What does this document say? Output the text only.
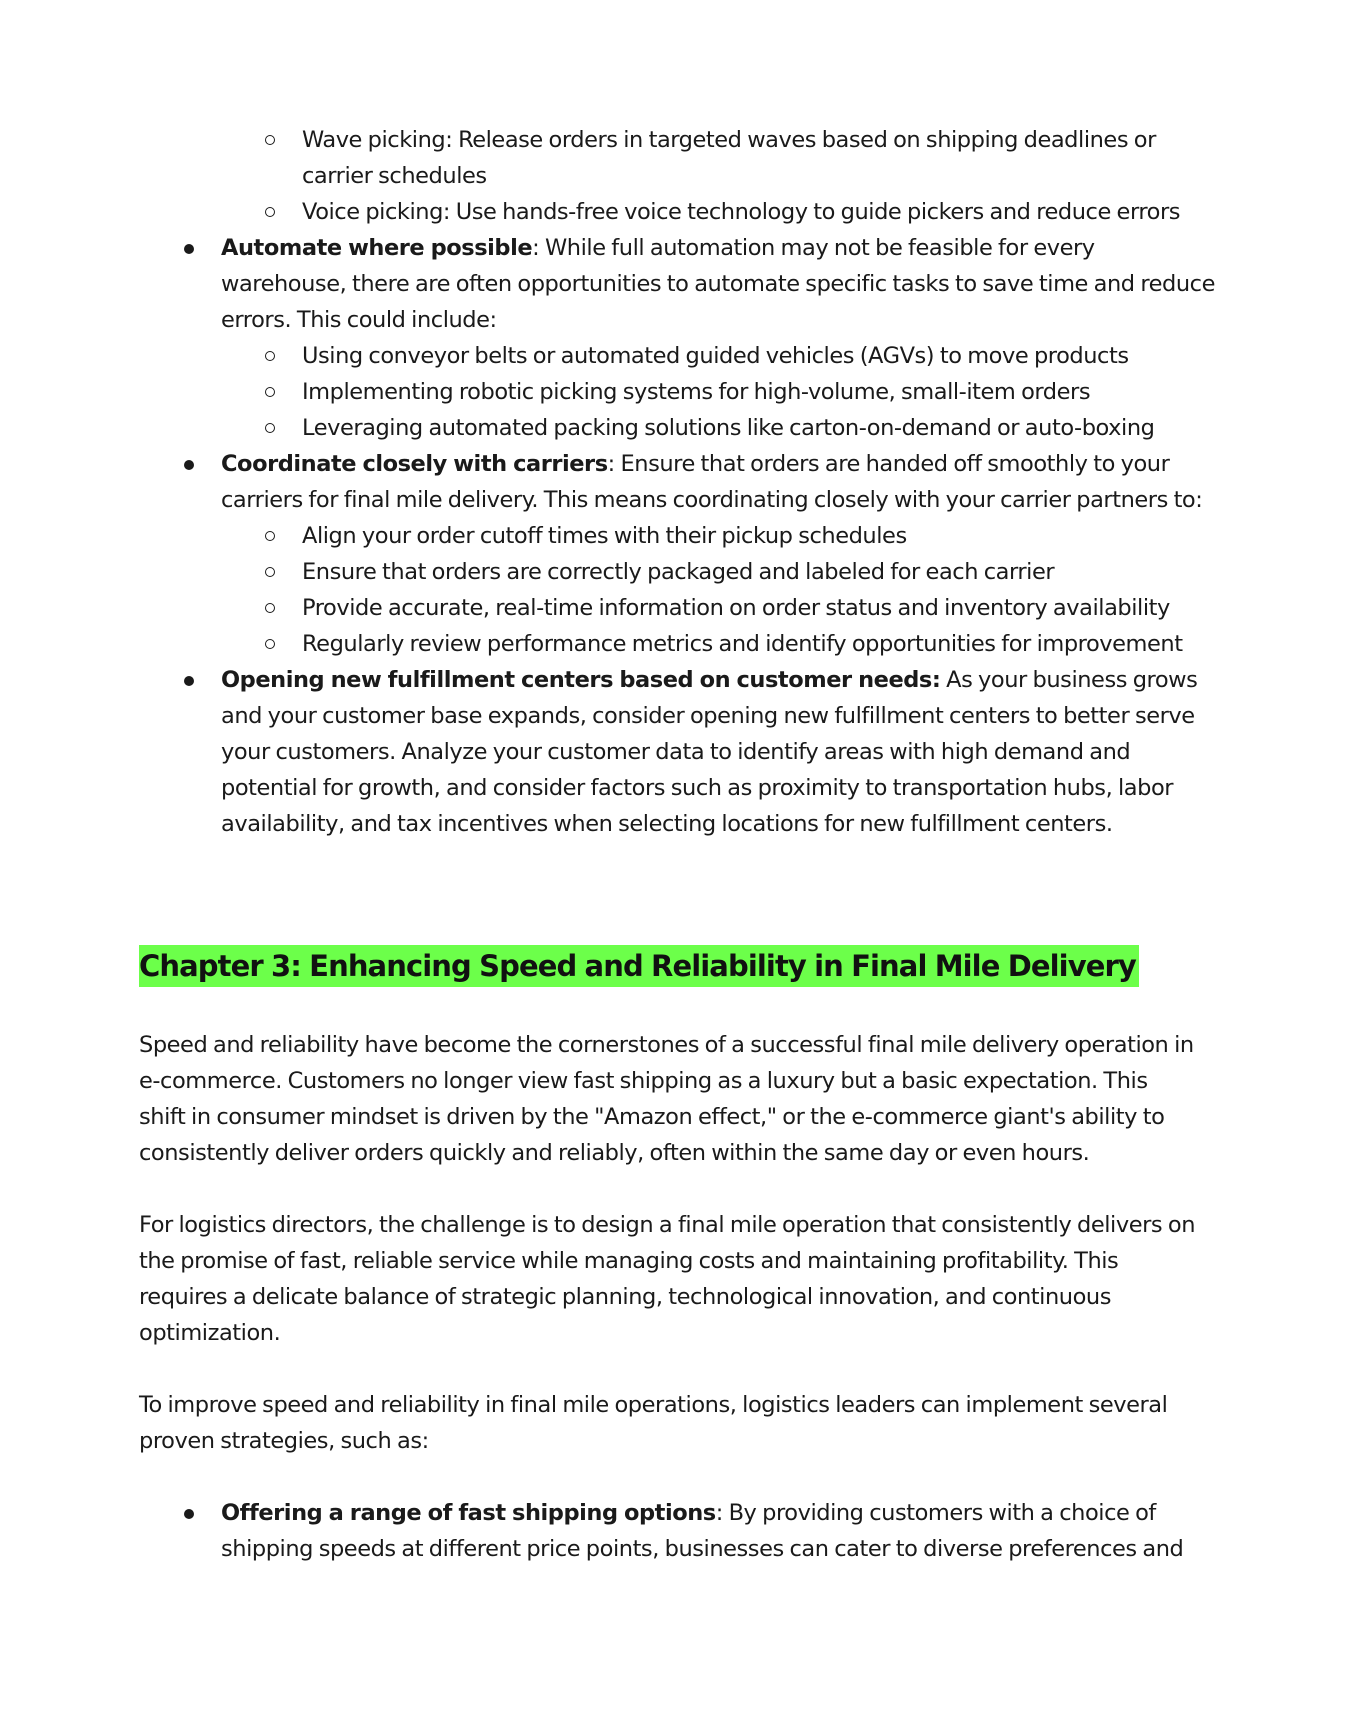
Wave picking: Release orders in targeted waves based on shipping deadlines or carrier schedules
Voice picking: Use hands-free voice technology to guide pickers and reduce errors
Automate where possible: While full automation may not be feasible for every warehouse, there are often opportunities to automate specific tasks to save time and reduce errors. This could include:
Using conveyor belts or automated guided vehicles (AGVs) to move products
Implementing robotic picking systems for high-volume, small-item orders
Leveraging automated packing solutions like carton-on-demand or auto-boxing
Coordinate closely with carriers: Ensure that orders are handed off smoothly to your carriers for final mile delivery. This means coordinating closely with your carrier partners to:
Align your order cutoff times with their pickup schedules
Ensure that orders are correctly packaged and labeled for each carrier
Provide accurate, real-time information on order status and inventory availability
Regularly review performance metrics and identify opportunities for improvement
Opening new fulfillment centers based on customer needs: As your business grows and your customer base expands, consider opening new fulfillment centers to better serve your customers. Analyze your customer data to identify areas with high demand and potential for growth, and consider factors such as proximity to transportation hubs, labor availability, and tax incentives when selecting locations for new fulfillment centers.
Chapter 3: Enhancing Speed and Reliability in Final Mile Delivery

Speed and reliability have become the cornerstones of a successful final mile delivery operation in e-commerce. Customers no longer view fast shipping as a luxury but a basic expectation. This shift in consumer mindset is driven by the "Amazon effect," or the e-commerce giant's ability to consistently deliver orders quickly and reliably, often within the same day or even hours.

For logistics directors, the challenge is to design a final mile operation that consistently delivers on the promise of fast, reliable service while managing costs and maintaining profitability. This requires a delicate balance of strategic planning, technological innovation, and continuous optimization.

To improve speed and reliability in final mile operations, logistics leaders can implement several proven strategies, such as:

Offering a range of fast shipping options: By providing customers with a choice of shipping speeds at different price points, businesses can cater to diverse preferences and
